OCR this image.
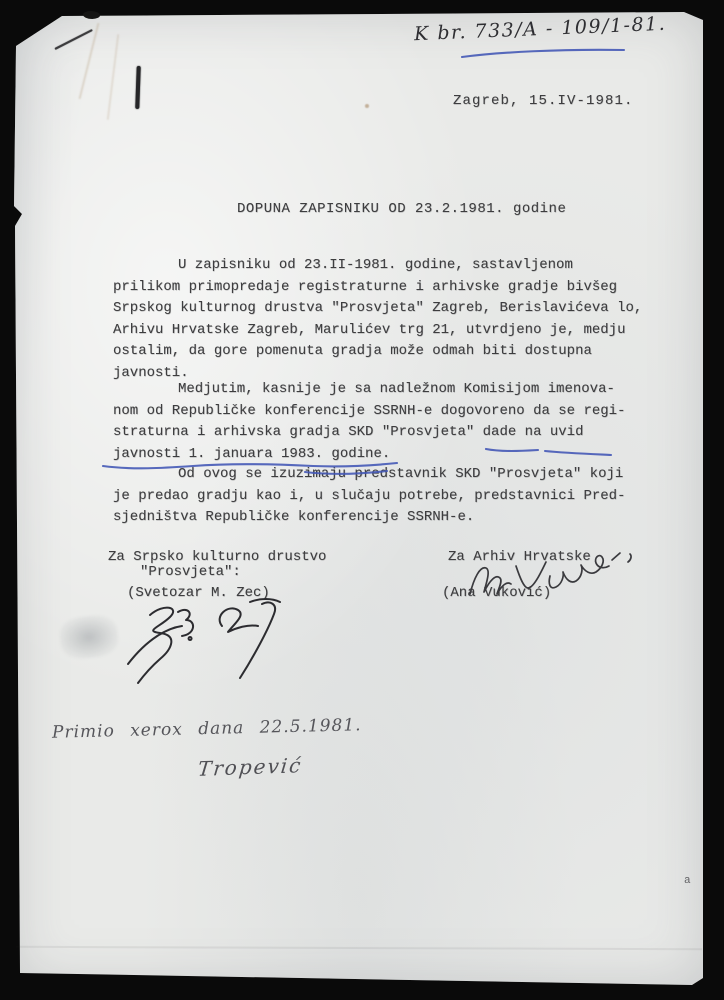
K br. 733/A - 109/1-81.
Zagreb, 15.IV-1981.
DOPUNA ZAPISNIKU OD 23.2.1981. godine
U zapisniku od 23.II-1981. godine, sastavljenom
prilikom primopredaje registraturne i arhivske gradje bivšeg
Srpskog kulturnog drustva "Prosvjeta" Zagreb, Berislavićeva lo,
Arhivu Hrvatske Zagreb, Marulićev trg 21, utvrdjeno je, medju
ostalim, da gore pomenuta gradja može odmah biti dostupna
javnosti.
Medjutim, kasnije je sa nadležnom Komisijom imenova-
nom od Republičke konferencije SSRNH-e dogovoreno da se regi-
straturna i arhivska gradja SKD "Prosvjeta" dade na uvid
javnosti 1. januara 1983. godine.
Od ovog se izuzimaju predstavnik SKD "Prosvjeta" koji
je predao gradju kao i, u slučaju potrebe, predstavnici Pred-
sjedništva Republičke konferencije SSRNH-e.
Za Srpsko kulturno drustvo
"Prosvjeta":
(Svetozar M. Zec)
Za Arhiv Hrvatske
(Ana Vuković)
Primio xerox dana 22.5.1981.
Tropević
a
